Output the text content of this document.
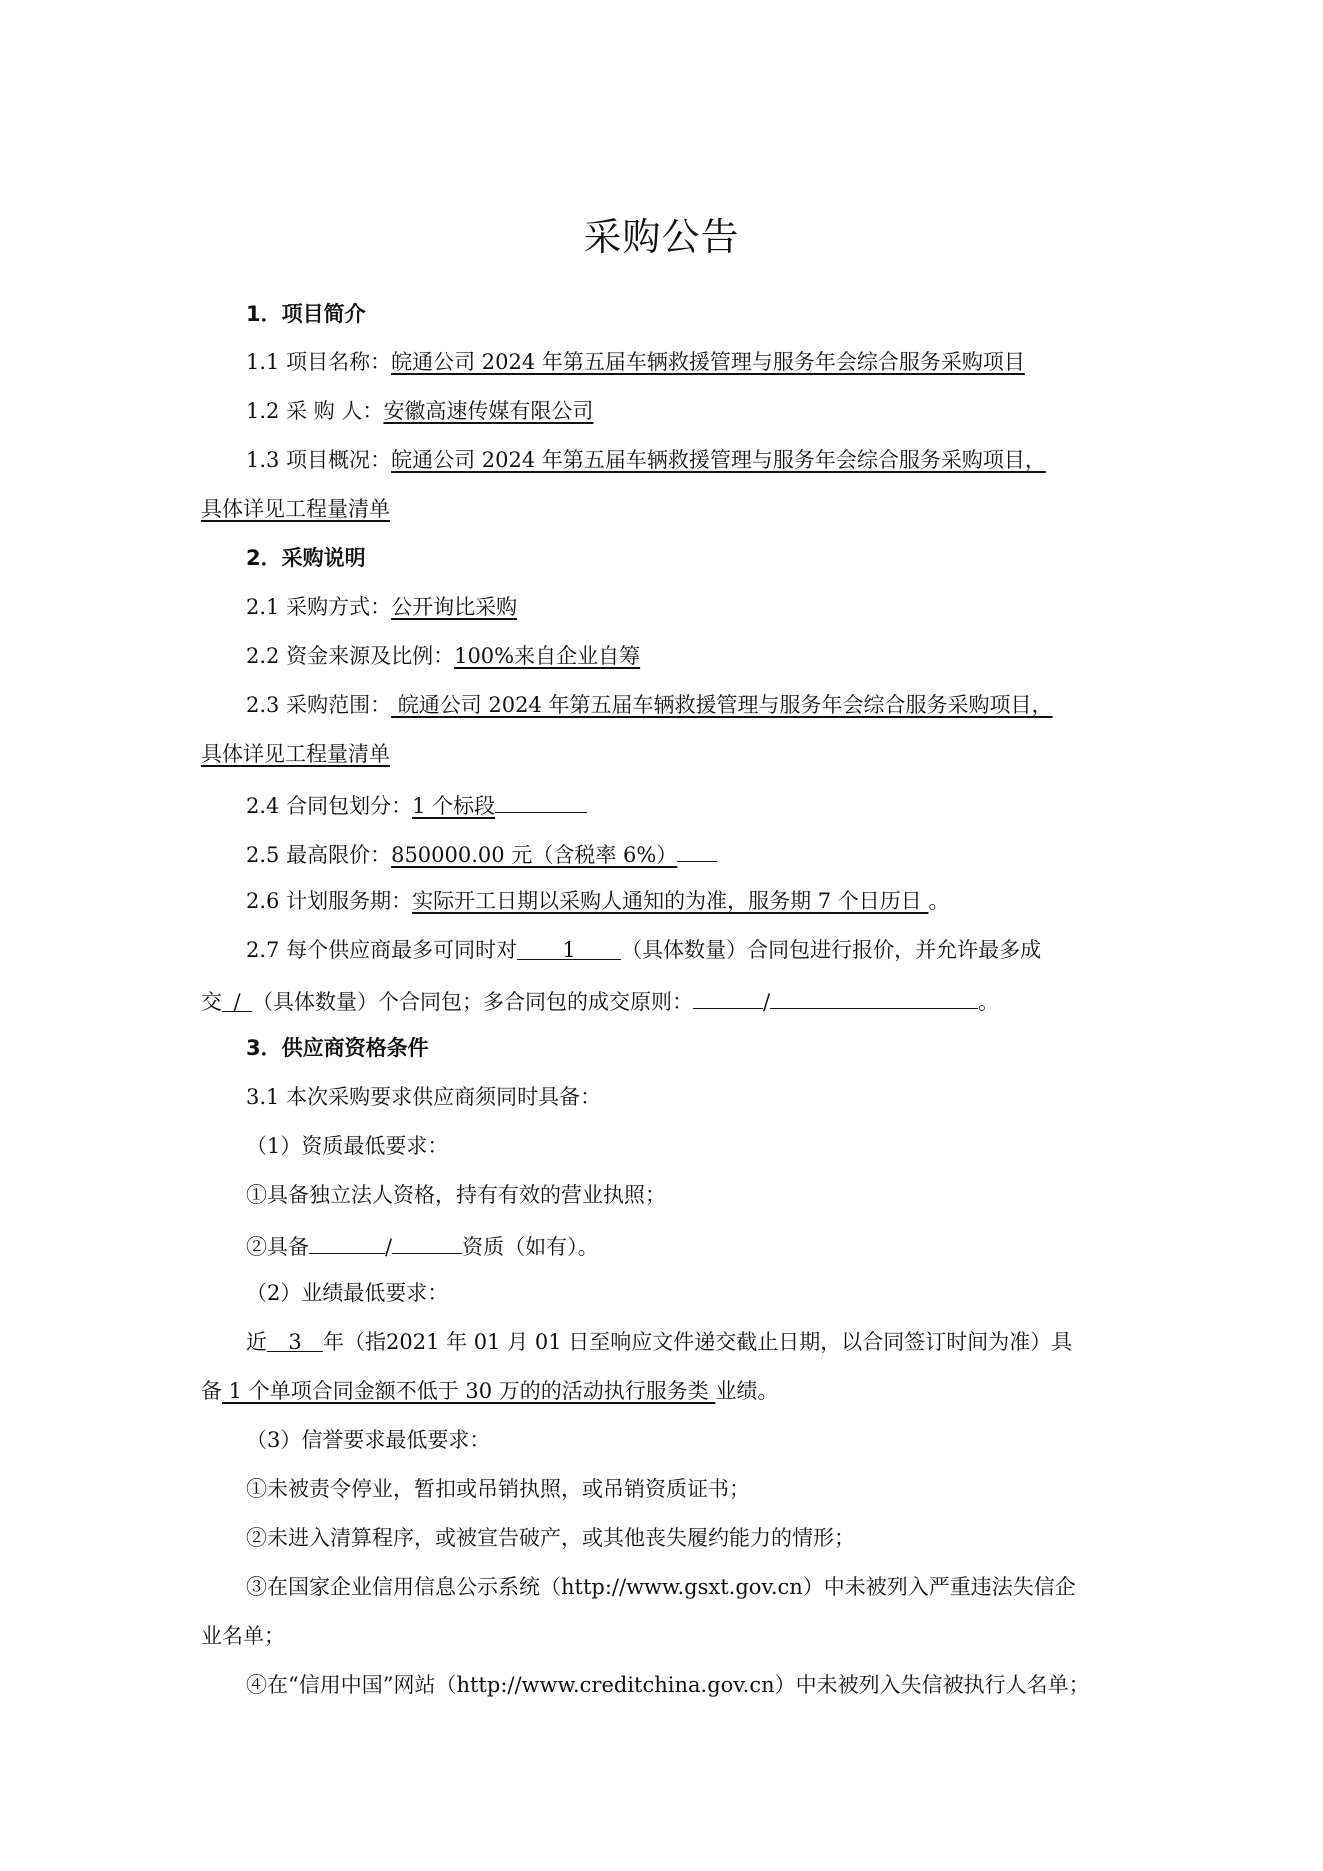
采购公告
1．项目简介
1.1 项目名称：皖通公司 2024 年第五届车辆救援管理与服务年会综合服务采购项目
1.2 采 购 人：安徽高速传媒有限公司
1.3 项目概况：皖通公司 2024 年第五届车辆救援管理与服务年会综合服务采购项目，
具体详见工程量清单
2．采购说明
2.1 采购方式：公开询比采购
2.2 资金来源及比例：100%来自企业自筹
2.3 采购范围： 皖通公司 2024 年第五届车辆救援管理与服务年会综合服务采购项目，
具体详见工程量清单
2.4 合同包划分：1 个标段
2.5 最高限价：850000.00 元（含税率 6%）
2.6 计划服务期：实际开工日期以采购人通知的为准，服务期 7 个日历日 。
2.7 每个供应商最多可同时对 1 （具体数量）合同包进行报价，并允许最多成
交 / （具体数量）个合同包；多合同包的成交原则：	/	。
3．供应商资格条件
3.1 本次采购要求供应商须同时具备：
（1）资质最低要求：
①具备独立法人资格，持有有效的营业执照；
②具备	/	资质（如有）。
（2）业绩最低要求：
近 3 年（指2021 年 01 月 01 日至响应文件递交截止日期，以合同签订时间为准）具
备 1 个单项合同金额不低于 30 万的的活动执行服务类 业绩。
（3）信誉要求最低要求：
①未被责令停业，暂扣或吊销执照，或吊销资质证书；
②未进入清算程序，或被宣告破产，或其他丧失履约能力的情形；
③在国家企业信用信息公示系统（http://www.gsxt.gov.cn）中未被列入严重违法失信企
业名单；
④在“信用中国”网站（http://www.creditchina.gov.cn）中未被列入失信被执行人名单；
